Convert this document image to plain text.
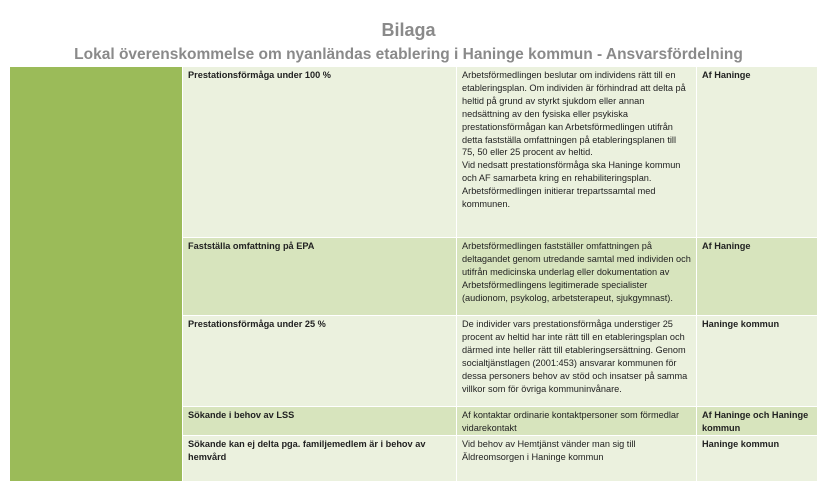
Bilaga
Lokal överenskommelse om nyanländas etablering i Haninge kommun - Ansvarsfördelning
	Prestationsförmåga under 100 %	Arbetsförmedlingen beslutar om individens rätt till en etableringsplan. Om individen är förhindrad att delta på heltid på grund av styrkt sjukdom eller annan nedsättning av den fysiska eller psykiska prestationsförmågan kan Arbetsförmedlingen utifrån detta fastställa omfattningen på etableringsplanen till 75, 50 eller 25 procent av heltid.
Vid nedsatt prestationsförmåga ska Haninge kommun och AF samarbeta kring en rehabiliteringsplan. Arbetsförmedlingen initierar trepartssamtal med kommunen.	Af Haninge
	Fastställa omfattning på EPA	Arbetsförmedlingen fastställer omfattningen på deltagandet genom utredande samtal med individen och utifrån medicinska underlag eller dokumentation av Arbetsförmedlingens legitimerade specialister (audionom, psykolog, arbetsterapeut, sjukgymnast).	Af Haninge
	Prestationsförmåga under 25 %	De individer vars prestationsförmåga understiger 25 procent av heltid har inte rätt till en etableringsplan och därmed inte heller rätt till etableringsersättning. Genom socialtjänstlagen (2001:453) ansvarar kommunen för dessa personers behov av stöd och insatser på samma villkor som för övriga kommuninvånare.	Haninge kommun
	Sökande i behov av LSS	Af kontaktar ordinarie kontaktpersoner som förmedlar vidarekontakt	Af Haninge och Haninge kommun
	Sökande kan ej delta pga. familjemedlem är i behov av hemvård	Vid behov av Hemtjänst vänder man sig till Äldreomsorgen i Haninge kommun	Haninge kommun
